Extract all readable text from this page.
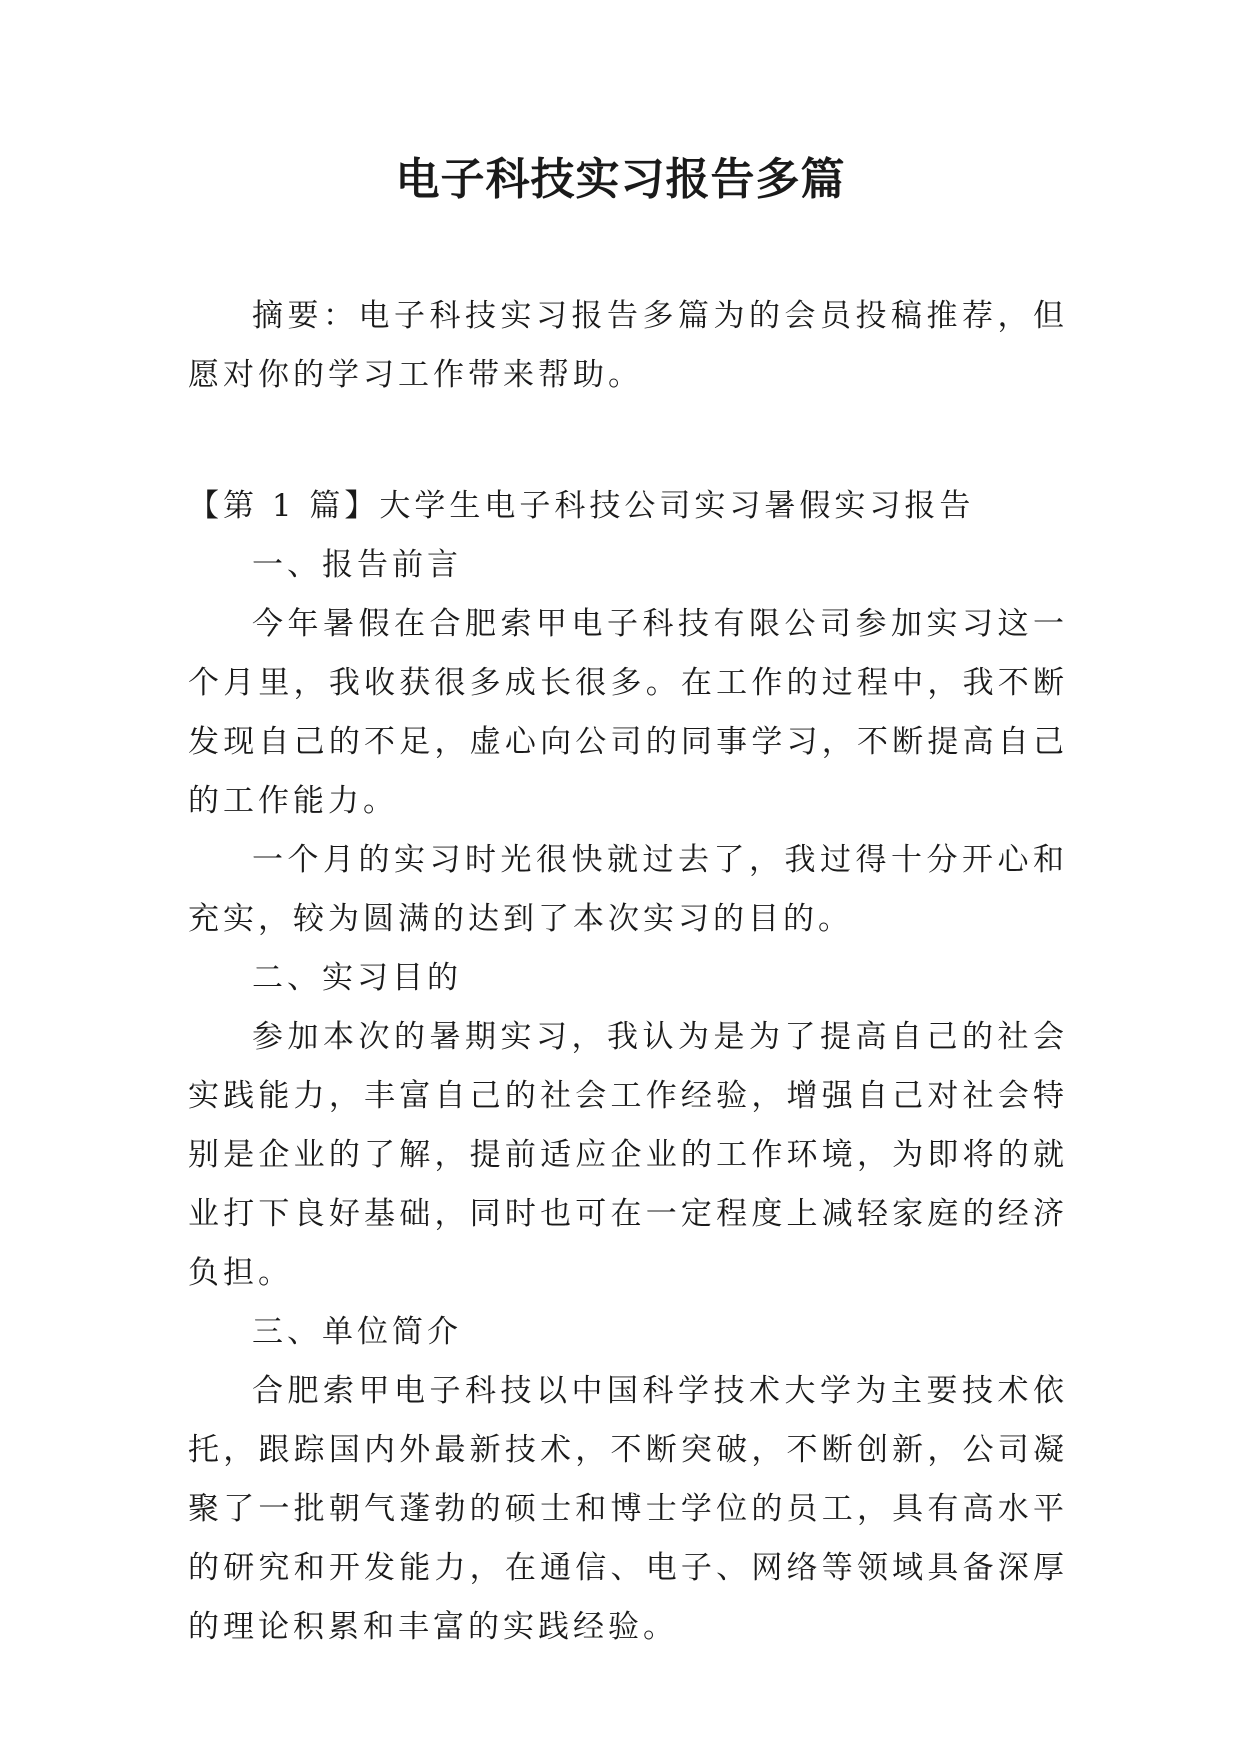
电子科技实习报告多篇

摘要：电子科技实习报告多篇为的会员投稿推荐，但愿对你的学习工作带来帮助。

【第 1 篇】大学生电子科技公司实习暑假实习报告

一、报告前言

今年暑假在合肥索甲电子科技有限公司参加实习这一个月里，我收获很多成长很多。在工作的过程中，我不断发现自己的不足，虚心向公司的同事学习，不断提高自己的工作能力。

一个月的实习时光很快就过去了，我过得十分开心和充实，较为圆满的达到了本次实习的目的。

二、实习目的

参加本次的暑期实习，我认为是为了提高自己的社会实践能力，丰富自己的社会工作经验，增强自己对社会特别是企业的了解，提前适应企业的工作环境，为即将的就业打下良好基础，同时也可在一定程度上减轻家庭的经济负担。

三、单位简介

合肥索甲电子科技以中国科学技术大学为主要技术依托，跟踪国内外最新技术，不断突破，不断创新，公司凝聚了一批朝气蓬勃的硕士和博士学位的员工，具有高水平的研究和开发能力，在通信、电子、网络等领域具备深厚的理论积累和丰富的实践经验。
